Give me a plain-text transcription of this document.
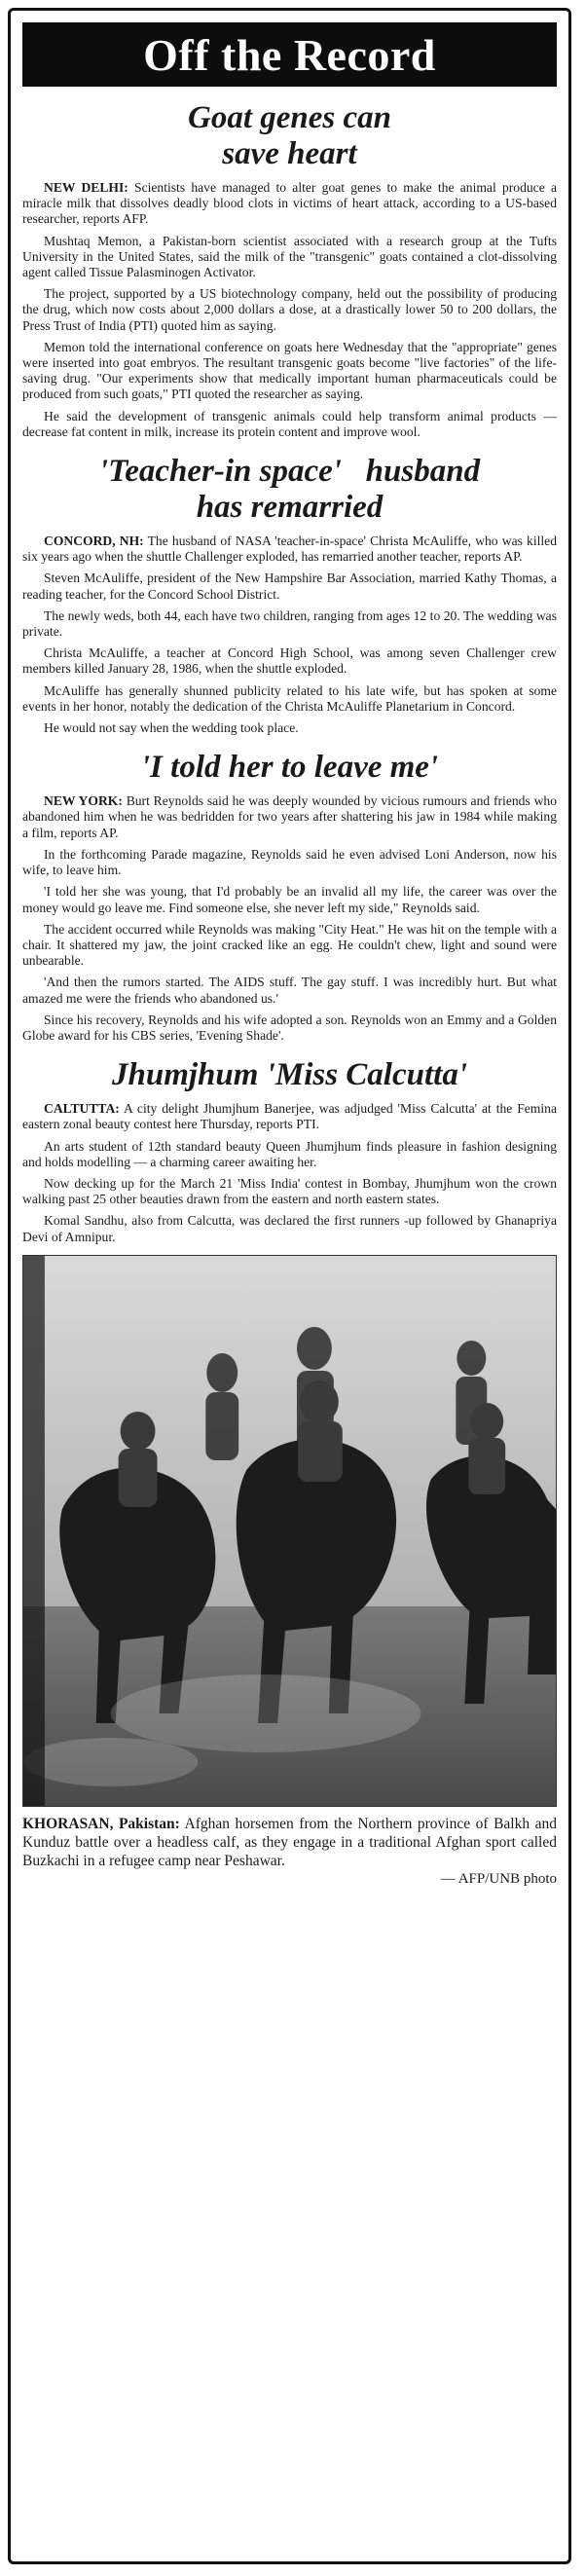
Off the Record
Goat genes can
save heart

NEW DELHI: Scientists have managed to alter goat genes to make the animal produce a miracle milk that dissolves deadly blood clots in victims of heart attack, according to a US-based researcher, reports AFP.

Mushtaq Memon, a Pakistan-born scientist associated with a research group at the Tufts University in the United States, said the milk of the "transgenic" goats contained a clot-dissolving agent called Tissue Palasminogen Activator.

The project, supported by a US biotechnology company, held out the possibility of producing the drug, which now costs about 2,000 dollars a dose, at a drastically lower 50 to 200 dollars, the Press Trust of India (PTI) quoted him as saying.

Memon told the international conference on goats here Wednesday that the "appropriate" genes were inserted into goat embryos. The resultant transgenic goats become "live factories" of the life-saving drug. "Our experiments show that medically important human pharmaceuticals could be produced from such goats," PTI quoted the researcher as saying.

He said the development of transgenic animals could help transform animal products — decrease fat content in milk, increase its protein content and improve wool.

'Teacher-in space'   husband
has remarried

CONCORD, NH: The husband of NASA 'teacher-in-space' Christa McAuliffe, who was killed six years ago when the shuttle Challenger exploded, has remarried another teacher, reports AP.

Steven McAuliffe, president of the New Hampshire Bar Association, married Kathy Thomas, a reading teacher, for the Concord School District.

The newly weds, both 44, each have two children, ranging from ages 12 to 20. The wedding was private.

Christa McAuliffe, a teacher at Concord High School, was among seven Challenger crew members killed January 28, 1986, when the shuttle exploded.

McAuliffe has generally shunned publicity related to his late wife, but has spoken at some events in her honor, notably the dedication of the Christa McAuliffe Planetarium in Concord.

He would not say when the wedding took place.

'I told her to leave me'

NEW YORK: Burt Reynolds said he was deeply wounded by vicious rumours and friends who abandoned him when he was bedridden for two years after shattering his jaw in 1984 while making a film, reports AP.

In the forthcoming Parade magazine, Reynolds said he even advised Loni Anderson, now his wife, to leave him.

'I told her she was young, that I'd probably be an invalid all my life, the career was over the money would go leave me. Find someone else, she never left my side," Reynolds said.

The accident occurred while Reynolds was making "City Heat." He was hit on the temple with a chair. It shattered my jaw, the joint cracked like an egg. He couldn't chew, light and sound were unbearable.

'And then the rumors started. The AIDS stuff. The gay stuff. I was incredibly hurt. But what amazed me were the friends who abandoned us.'

Since his recovery, Reynolds and his wife adopted a son. Reynolds won an Emmy and a Golden Globe award for his CBS series, 'Evening Shade'.

Jhumjhum 'Miss Calcutta'

CALTUTTA: A city delight Jhumjhum Banerjee, was adjudged 'Miss Calcutta' at the Femina eastern zonal beauty contest here Thursday, reports PTI.

An arts student of 12th standard beauty Queen Jhumjhum finds pleasure in fashion designing and holds modelling — a charming career awaiting her.

Now decking up for the March 21 'Miss India' contest in Bombay, Jhumjhum won the crown walking past 25 other beauties drawn from the eastern and north eastern states.

Komal Sandhu, also from Calcutta, was declared the first runners -up followed by Ghanapriya Devi of Amnipur.

KHORASAN, Pakistan: Afghan horsemen from the Northern province of Balkh and Kunduz battle over a headless calf, as they engage in a traditional Afghan sport called Buzkachi in a refugee camp near Peshawar.
— AFP/UNB photo
